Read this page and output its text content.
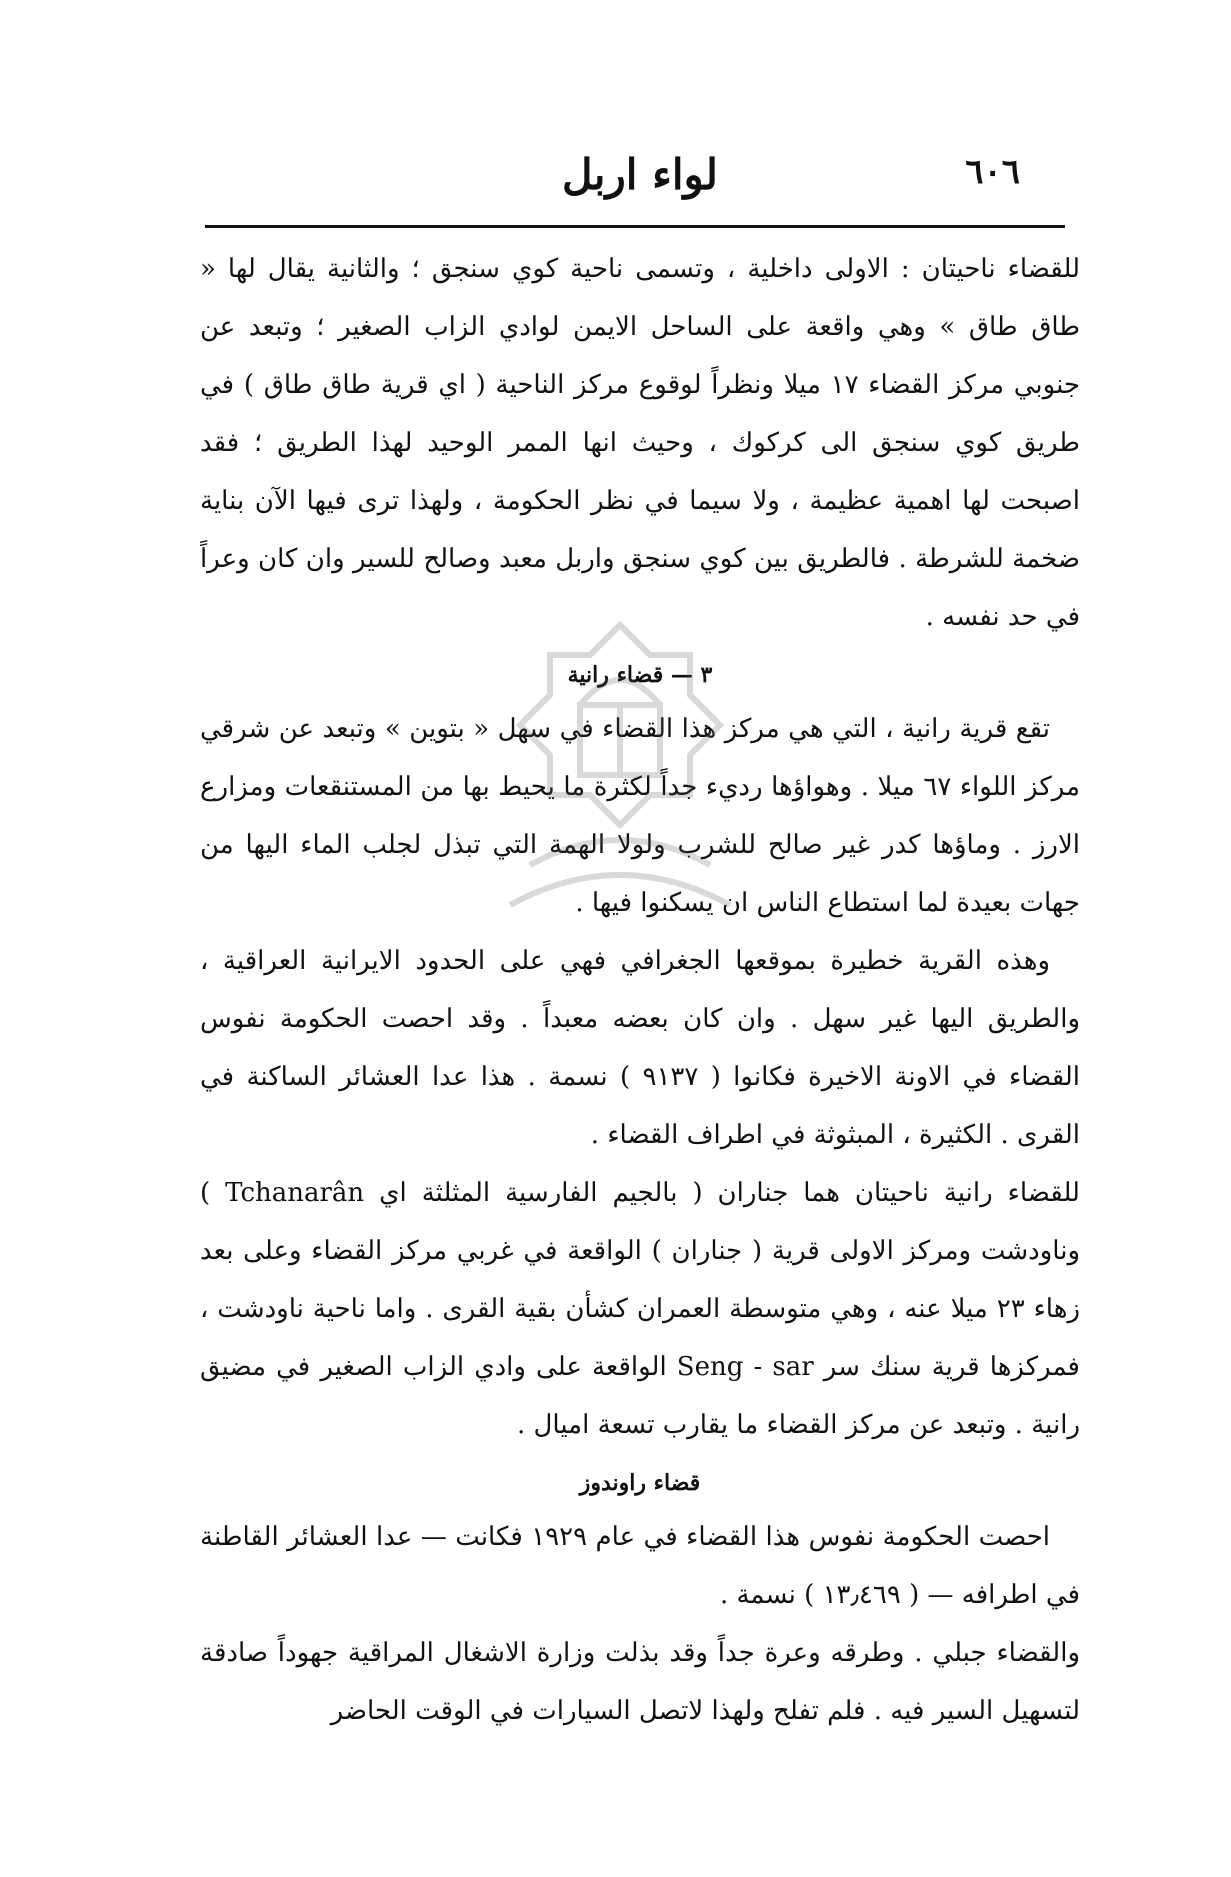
٦٠٦
لواء اربل

للقضاء ناحيتان : الاولى داخلية ، وتسمى ناحية كوي سنجق ؛ والثانية يقال لها « طاق طاق » وهي واقعة على الساحل الايمن لوادي الزاب الصغير ؛ وتبعد عن جنوبي مركز القضاء ١٧ ميلا ونظراً لوقوع مركز الناحية ( اي قرية طاق طاق ) في طريق كوي سنجق الى كركوك ، وحيث انها الممر الوحيد لهذا الطريق ؛ فقد اصبحت لها اهمية عظيمة ، ولا سيما في نظر الحكومة ، ولهذا ترى فيها الآن بناية ضخمة للشرطة . فالطريق بين كوي سنجق واربل معبد وصالح للسير وان كان وعراً في حد نفسه .

٣ — قضاء رانية

تقع قرية رانية ، التي هي مركز هذا القضاء في سهل « بتوين » وتبعد عن شرقي مركز اللواء ٦٧ ميلا . وهواؤها رديء جداً لكثرة ما يحيط بها من المستنقعات ومزارع الارز . وماؤها كدر غير صالح للشرب ولولا الهمة التي تبذل لجلب الماء اليها من جهات بعيدة لما استطاع الناس ان يسكنوا فيها .

وهذه القرية خطيرة بموقعها الجغرافي فهي على الحدود الايرانية العراقية ، والطريق اليها غير سهل . وان كان بعضه معبداً . وقد احصت الحكومة نفوس القضاء في الاونة الاخيرة فكانوا ( ٩١٣٧ ) نسمة . هذا عدا العشائر الساكنة في القرى . الكثيرة ، المبثوثة في اطراف القضاء .

للقضاء رانية ناحيتان هما جناران ( بالجيم الفارسية المثلثة اي Tchanarân ) وناودشت ومركز الاولى قرية ( جناران ) الواقعة في غربي مركز القضاء وعلى بعد زهاء ٢٣ ميلا عنه ، وهي متوسطة العمران كشأن بقية القرى . واما ناحية ناودشت ، فمركزها قرية سنك سر Seng - sar الواقعة على وادي الزاب الصغير في مضيق رانية . وتبعد عن مركز القضاء ما يقارب تسعة اميال .

قضاء راوندوز

احصت الحكومة نفوس هذا القضاء في عام ١٩٢٩ فكانت — عدا العشائر القاطنة في اطرافه — ( ١٣٫٤٦٩ ) نسمة .

والقضاء جبلي . وطرقه وعرة جداً وقد بذلت وزارة الاشغال المراقية جهوداً صادقة لتسهيل السير فيه . فلم تفلح ولهذا لاتصل السيارات في الوقت الحاضر
